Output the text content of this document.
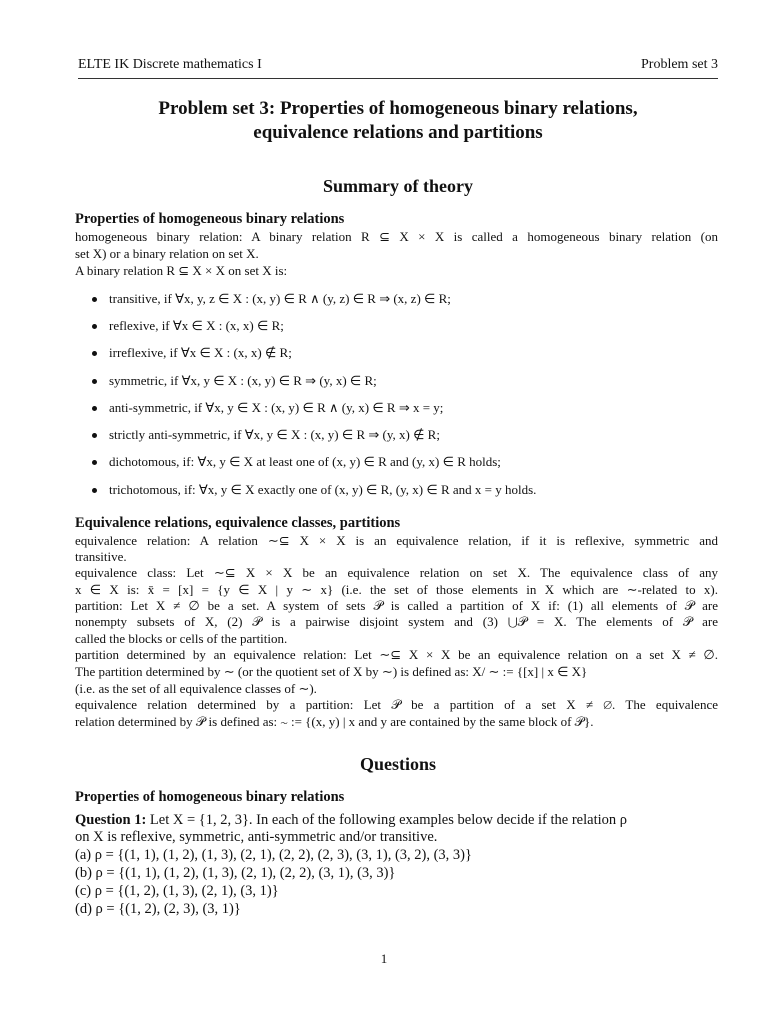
ELTE IK Discrete mathematics I	Problem set 3
Problem set 3: Properties of homogeneous binary relations,
equivalence relations and partitions
Summary of theory
Properties of homogeneous binary relations
homogeneous binary relation: A binary relation R ⊆ X × X is called a homogeneous binary relation (on
set X) or a binary relation on set X.
A binary relation R ⊆ X × X on set X is:
transitive, if ∀x, y, z ∈ X : (x, y) ∈ R ∧ (y, z) ∈ R ⇒ (x, z) ∈ R;
reflexive, if ∀x ∈ X : (x, x) ∈ R;
irreflexive, if ∀x ∈ X : (x, x) ∉ R;
symmetric, if ∀x, y ∈ X : (x, y) ∈ R ⇒ (y, x) ∈ R;
anti-symmetric, if ∀x, y ∈ X : (x, y) ∈ R ∧ (y, x) ∈ R ⇒ x = y;
strictly anti-symmetric, if ∀x, y ∈ X : (x, y) ∈ R ⇒ (y, x) ∉ R;
dichotomous, if: ∀x, y ∈ X at least one of (x, y) ∈ R and (y, x) ∈ R holds;
trichotomous, if: ∀x, y ∈ X exactly one of (x, y) ∈ R, (y, x) ∈ R and x = y holds.
Equivalence relations, equivalence classes, partitions
equivalence relation: A relation ∼⊆ X × X is an equivalence relation, if it is reflexive, symmetric and
transitive.
equivalence class: Let ∼⊆ X × X be an equivalence relation on set X. The equivalence class of any
x ∈ X is: x̄ = [x] = {y ∈ X | y ∼ x} (i.e. the set of those elements in X which are ∼-related to x).
partition: Let X ≠ ∅ be a set. A system of sets 𝒫 is called a partition of X if: (1) all elements of 𝒫 are
nonempty subsets of X, (2) 𝒫 is a pairwise disjoint system and (3) ⋃𝒫 = X. The elements of 𝒫 are
called the blocks or cells of the partition.
partition determined by an equivalence relation: Let ∼⊆ X × X be an equivalence relation on a set X ≠ ∅.
The partition determined by ∼ (or the quotient set of X by ∼) is defined as: X/ ∼ := {[x] | x ∈ X}
(i.e. as the set of all equivalence classes of ∼).
equivalence relation determined by a partition: Let 𝒫 be a partition of a set X ≠ ∅. The equivalence
relation determined by 𝒫 is defined as: ∼ := {(x, y) | x and y are contained by the same block of 𝒫}.
Questions
Properties of homogeneous binary relations
Question 1: Let X = {1, 2, 3}. In each of the following examples below decide if the relation ρ
on X is reflexive, symmetric, anti-symmetric and/or transitive.
(a) ρ = {(1, 1), (1, 2), (1, 3), (2, 1), (2, 2), (2, 3), (3, 1), (3, 2), (3, 3)}
(b) ρ = {(1, 1), (1, 2), (1, 3), (2, 1), (2, 2), (3, 1), (3, 3)}
(c) ρ = {(1, 2), (1, 3), (2, 1), (3, 1)}
(d) ρ = {(1, 2), (2, 3), (3, 1)}
1
